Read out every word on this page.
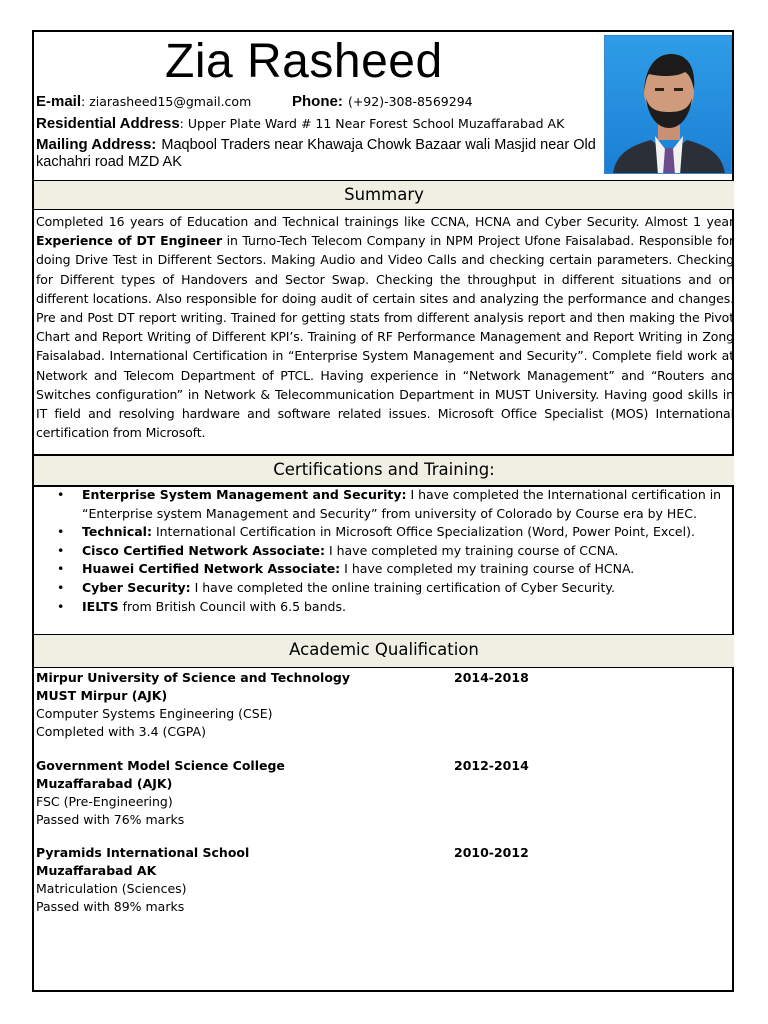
Zia Rasheed
E-mail: ziarasheed15@gmail.com	Phone: (+92)-308-8569294
Residential Address: Upper Plate Ward # 11 Near Forest School Muzaffarabad AK
Mailing Address: Maqbool Traders near Khawaja Chowk Bazaar wali Masjid near Old
kachahri road MZD AK
Summary
Completed 16 years of Education and Technical trainings like CCNA, HCNA and Cyber Security. Almost 1 year Experience of DT Engineer in Turno-Tech Telecom Company in NPM Project Ufone Faisalabad. Responsible for doing Drive Test in Different Sectors. Making Audio and Video Calls and checking certain parameters. Checking for Different types of Handovers and Sector Swap. Checking the throughput in different situations and on different locations. Also responsible for doing audit of certain sites and analyzing the performance and changes. Pre and Post DT report writing. Trained for getting stats from different analysis report and then making the Pivot Chart and Report Writing of Different KPI’s. Training of RF Performance Management and Report Writing in Zong Faisalabad. International Certification in “Enterprise System Management and Security”. Complete field work at Network and Telecom Department of PTCL. Having experience in “Network Management” and “Routers and Switches configuration” in Network & Telecommunication Department in MUST University. Having good skills in IT field and resolving hardware and software related issues. Microsoft Office Specialist (MOS) International certification from Microsoft.
Certifications and Training:
• Enterprise System Management and Security: I have completed the International certification in “Enterprise system Management and Security” from university of Colorado by Course era by HEC.
• Technical: International Certification in Microsoft Office Specialization (Word, Power Point, Excel).
• Cisco Certified Network Associate: I have completed my training course of CCNA.
• Huawei Certified Network Associate: I have completed my training course of HCNA.
• Cyber Security: I have completed the online training certification of Cyber Security.
• IELTS from British Council with 6.5 bands.
Academic Qualification
Mirpur University of Science and Technology	2014-2018
MUST Mirpur (AJK)
Computer Systems Engineering (CSE)
Completed with 3.4 (CGPA)
Government Model Science College	2012-2014
Muzaffarabad (AJK)
FSC (Pre-Engineering)
Passed with 76% marks
Pyramids International School	2010-2012
Muzaffarabad AK
Matriculation (Sciences)
Passed with 89% marks
